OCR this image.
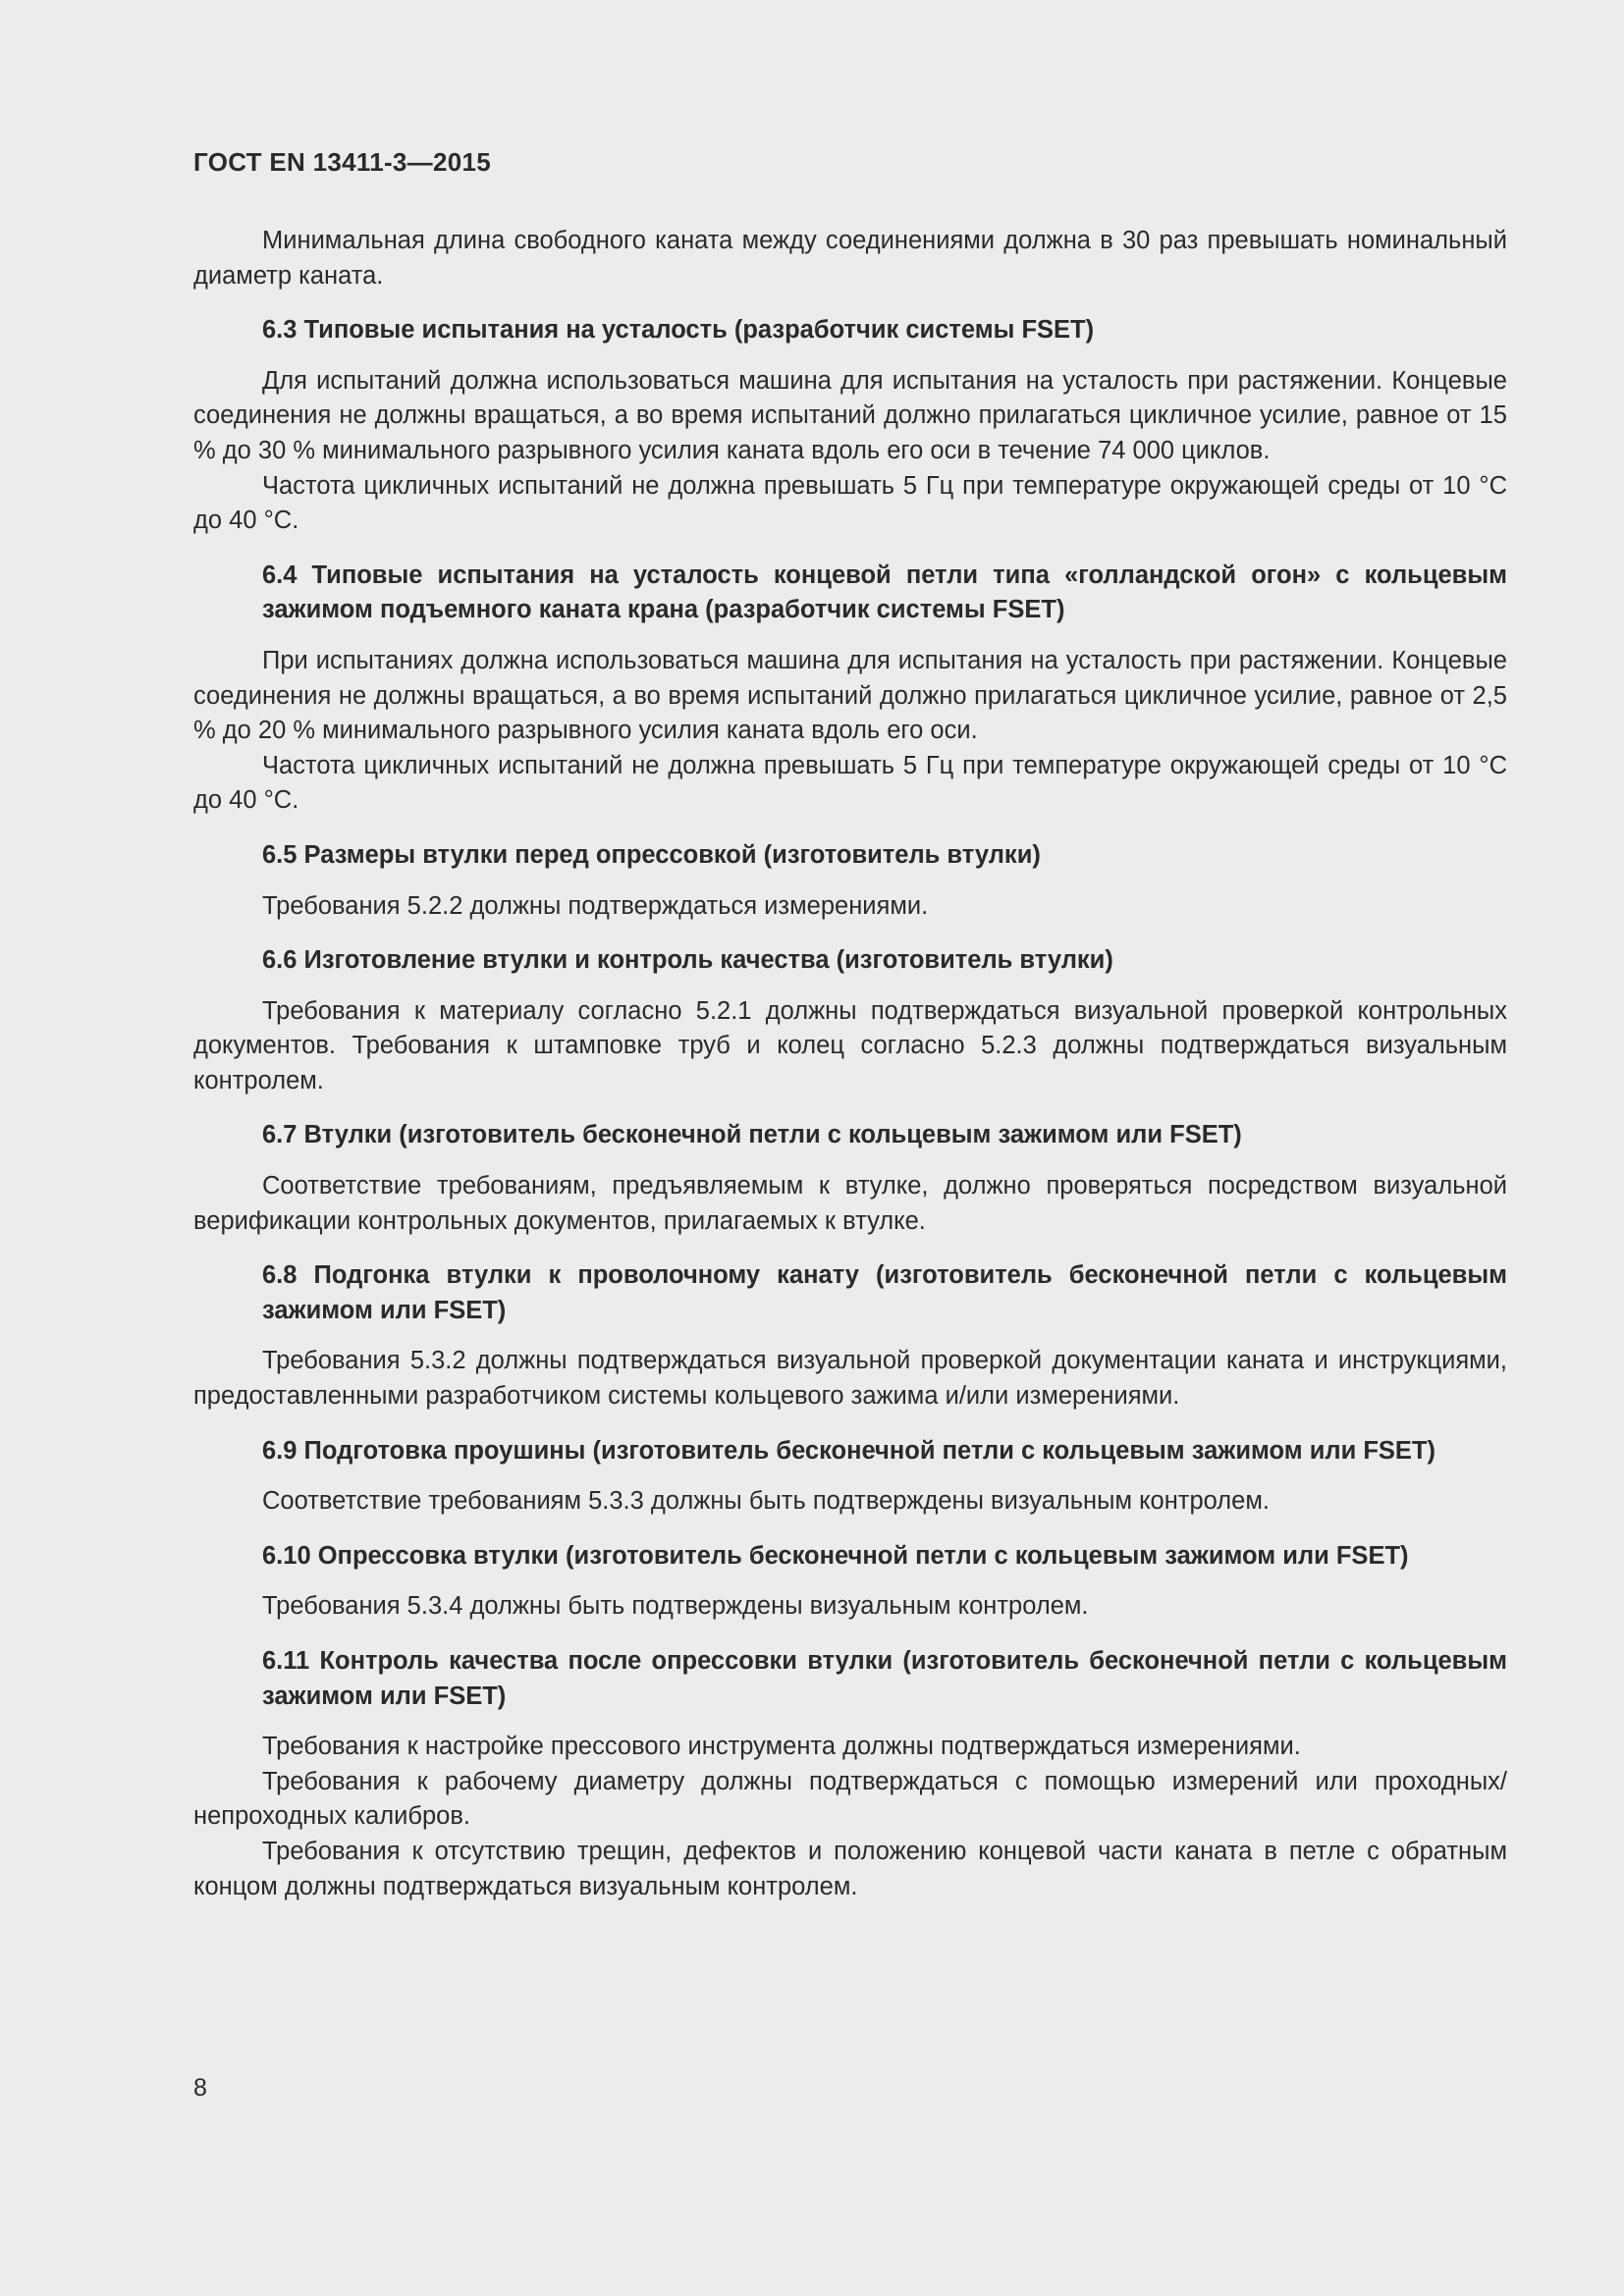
ГОСТ EN 13411-3—2015

Минимальная длина свободного каната между соединениями должна в 30 раз превышать номинальный диаметр каната.

6.3 Типовые испытания на усталость (разработчик системы FSET)

Для испытаний должна использоваться машина для испытания на усталость при растяжении. Концевые соединения не должны вращаться, а во время испытаний должно прилагаться цикличное усилие, равное от 15 % до 30 % минимального разрывного усилия каната вдоль его оси в течение 74 000 циклов.

Частота цикличных испытаний не должна превышать 5 Гц при температуре окружающей среды от 10 °С до 40 °С.

6.4 Типовые испытания на усталость концевой петли типа «голландской огон» с кольцевым зажимом подъемного каната крана (разработчик системы FSET)

При испытаниях должна использоваться машина для испытания на усталость при растяжении. Концевые соединения не должны вращаться, а во время испытаний должно прилагаться цикличное усилие, равное от 2,5 % до 20 % минимального разрывного усилия каната вдоль его оси.

Частота цикличных испытаний не должна превышать 5 Гц при температуре окружающей среды от 10 °С до 40 °С.

6.5 Размеры втулки перед опрессовкой (изготовитель втулки)

Требования 5.2.2 должны подтверждаться измерениями.

6.6 Изготовление втулки и контроль качества (изготовитель втулки)

Требования к материалу согласно 5.2.1 должны подтверждаться визуальной проверкой контрольных документов. Требования к штамповке труб и колец согласно 5.2.3 должны подтверждаться визуальным контролем.

6.7 Втулки (изготовитель бесконечной петли с кольцевым зажимом или FSET)

Соответствие требованиям, предъявляемым к втулке, должно проверяться посредством визуальной верификации контрольных документов, прилагаемых к втулке.

6.8 Подгонка втулки к проволочному канату (изготовитель бесконечной петли с кольцевым зажимом или FSET)

Требования 5.3.2 должны подтверждаться визуальной проверкой документации каната и инструкциями, предоставленными разработчиком системы кольцевого зажима и/или измерениями.

6.9 Подготовка проушины (изготовитель бесконечной петли с кольцевым зажимом или FSET)

Соответствие требованиям 5.3.3 должны быть подтверждены визуальным контролем.

6.10 Опрессовка втулки (изготовитель бесконечной петли с кольцевым зажимом или FSET)

Требования 5.3.4 должны быть подтверждены визуальным контролем.

6.11 Контроль качества после опрессовки втулки (изготовитель бесконечной петли с кольцевым зажимом или FSET)

Требования к настройке прессового инструмента должны подтверждаться измерениями.

Требования к рабочему диаметру должны подтверждаться с помощью измерений или проходных/непроходных калибров.

Требования к отсутствию трещин, дефектов и положению концевой части каната в петле с обратным концом должны подтверждаться визуальным контролем.

8
